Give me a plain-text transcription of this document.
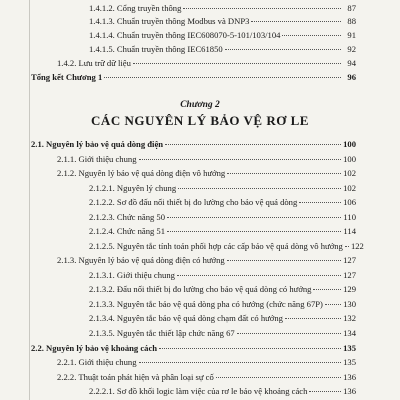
1.4.1.2. Cổng truyền thông	87
1.4.1.3. Chuẩn truyền thông Modbus và DNP3	88
1.4.1.4. Chuẩn truyền thông IEC608070-5-101/103/104	91
1.4.1.5. Chuẩn truyền thông IEC61850	92
1.4.2. Lưu trữ dữ liệu	94
Tổng kết Chương 1	96
Chương 2
CÁC NGUYÊN LÝ BẢO VỆ RƠ LE
2.1. Nguyên lý bảo vệ quá dòng điện	100
2.1.1. Giới thiệu chung	100
2.1.2. Nguyên lý bảo vệ quá dòng điện vô hướng	102
2.1.2.1. Nguyên lý chung	102
2.1.2.2. Sơ đồ đấu nối thiết bị đo lường cho bảo vệ quá dòng	106
2.1.2.3. Chức năng 50	110
2.1.2.4. Chức năng 51	114
2.1.2.5. Nguyên tắc tính toán phối hợp các cấp bảo vệ quá dòng vô hướng 122
2.1.3. Nguyên lý bảo vệ quá dòng điện có hướng	127
2.1.3.1. Giới thiệu chung	127
2.1.3.2. Đấu nối thiết bị đo lường cho bảo vệ quá dòng có hướng	129
2.1.3.3. Nguyên tắc bảo vệ quá dòng pha có hướng (chức năng 67P) 130
2.1.3.4. Nguyên tắc bảo vệ quá dòng chạm đất có hướng	132
2.1.3.5. Nguyên tắc thiết lập chức năng 67	134
2.2. Nguyên lý bảo vệ khoảng cách	135
2.2.1. Giới thiệu chung	135
2.2.2. Thuật toán phát hiện và phân loại sự cố	136
2.2.2.1. Sơ đồ khối logic làm việc của rơ le bảo vệ khoảng cách	136
